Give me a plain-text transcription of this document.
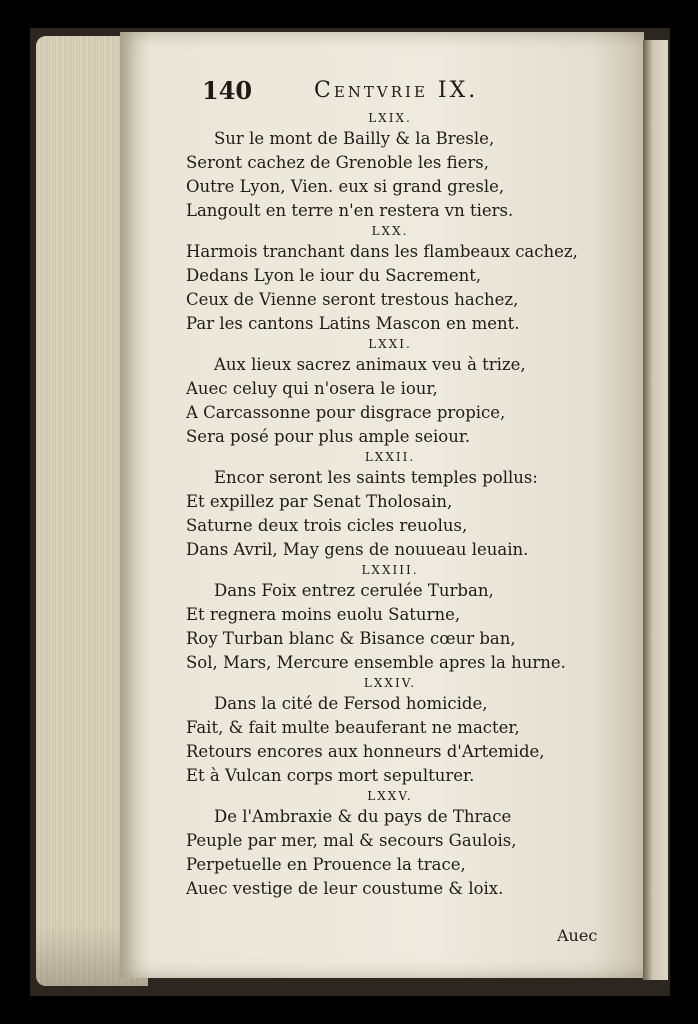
140	Centvrie IX.
LXIX.
Sur le mont de Bailly & la Bresle,
Seront cachez de Grenoble les fiers,
Outre Lyon, Vien. eux si grand gresle,
Langoult en terre n'en restera vn tiers.
LXX.
Harmois tranchant dans les flambeaux cachez,
Dedans Lyon le iour du Sacrement,
Ceux de Vienne seront trestous hachez,
Par les cantons Latins Mascon en ment.
LXXI.
Aux lieux sacrez animaux veu à trize,
Auec celuy qui n'osera le iour,
A Carcassonne pour disgrace propice,
Sera posé pour plus ample seiour.
LXXII.
Encor seront les saints temples pollus:
Et expillez par Senat Tholosain,
Saturne deux trois cicles reuolus,
Dans Avril, May gens de nouueau leuain.
LXXIII.
Dans Foix entrez cerulée Turban,
Et regnera moins euolu Saturne,
Roy Turban blanc & Bisance cœur ban,
Sol, Mars, Mercure ensemble apres la hurne.
LXXIV.
Dans la cité de Fersod homicide,
Fait, & fait multe beauferant ne macter,
Retours encores aux honneurs d'Artemide,
Et à Vulcan corps mort sepulturer.
LXXV.
De l'Ambraxie & du pays de Thrace
Peuple par mer, mal & secours Gaulois,
Perpetuelle en Prouence la trace,
Auec vestige de leur coustume & loix.
Auec
